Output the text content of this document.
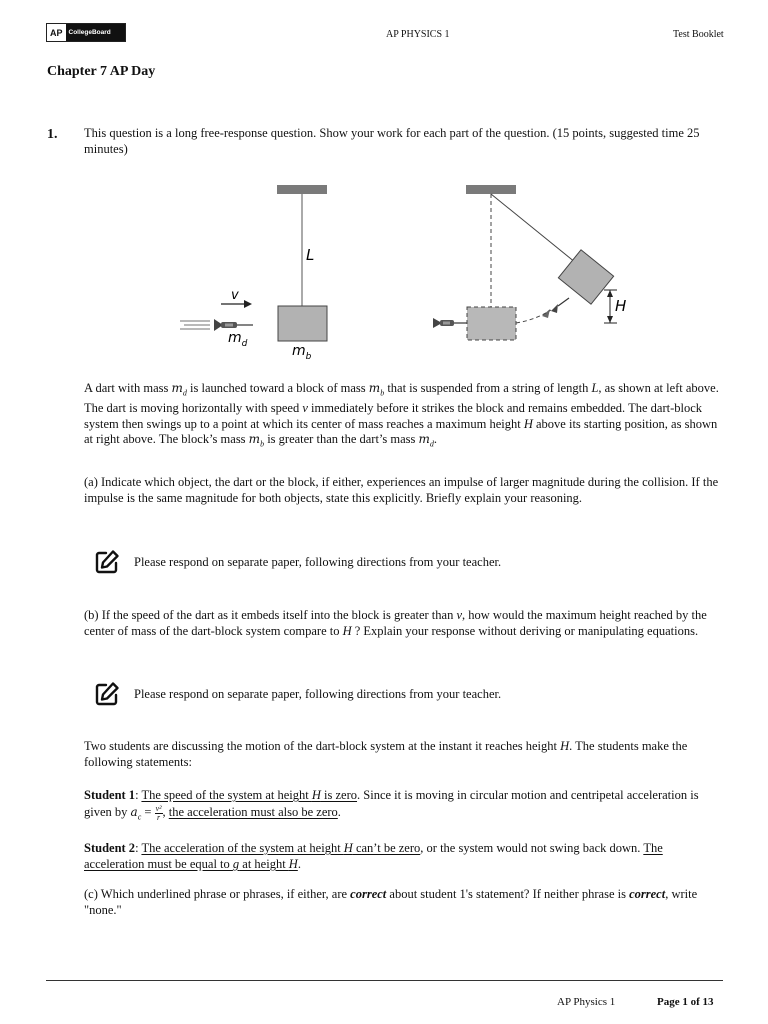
AP CollegeBoard	AP PHYSICS 1	Test Booklet
Chapter 7 AP Day
1. This question is a long free-response question. Show your work for each part of the question. (15 points, suggested time 25 minutes)
L
$m_b$
v
$m_d$
H
A dart with mass $m_d$ is launched toward a block of mass $m_b$ that is suspended from a string of length L, as shown at left above. The dart is moving horizontally with speed v immediately before it strikes the block and remains embedded. The dart-block system then swings up to a point at which its center of mass reaches a maximum height H above its starting position, as shown at right above. The block’s mass $m_b$ is greater than the dart’s mass $m_d$.
(a) Indicate which object, the dart or the block, if either, experiences an impulse of larger magnitude during the collision. If the impulse is the same magnitude for both objects, state this explicitly. Briefly explain your reasoning.
Please respond on separate paper, following directions from your teacher.
(b) If the speed of the dart as it embeds itself into the block is greater than v, how would the maximum height reached by the center of mass of the dart-block system compare to H ? Explain your response without deriving or manipulating equations.
Please respond on separate paper, following directions from your teacher.
Two students are discussing the motion of the dart-block system at the instant it reaches height H. The students make the following statements:
Student 1: The speed of the system at height H is zero. Since it is moving in circular motion and centripetal acceleration is given by $a_c = \frac{\text{v²}}{r}$ , the acceleration must also be zero.
Student 2: The acceleration of the system at height H can’t be zero, or the system would not swing back down. The acceleration must be equal to g at height H.
(c) Which underlined phrase or phrases, if either, are correct about student 1's statement? If neither phrase is correct, write "none."
AP Physics 1	Page 1 of 13
